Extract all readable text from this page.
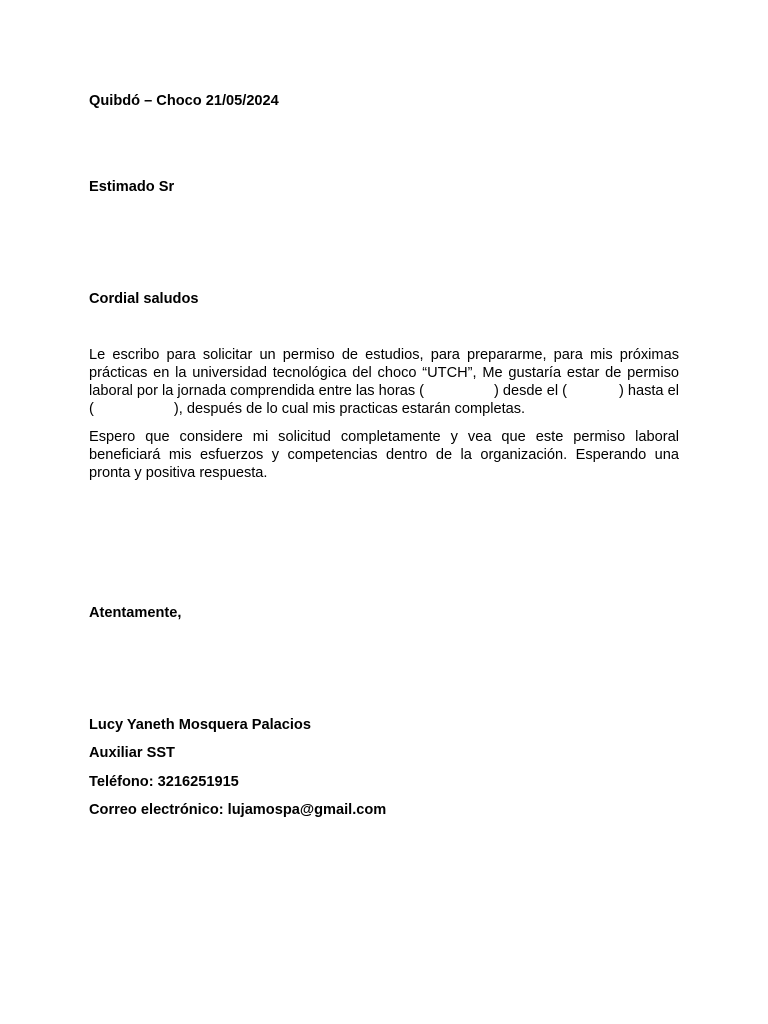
Quibdó – Choco 21/05/2024
Estimado Sr
Cordial saludos
Le escribo para solicitar un permiso de estudios, para prepararme, para mis próximas
prácticas en la universidad tecnológica del choco “UTCH”, Me gustaría estar de permiso
laboral por la jornada comprendida entre las horas (	) desde el (	) hasta el
(	), después de lo cual mis practicas estarán completas.
Espero que considere mi solicitud completamente y vea que este permiso laboral
beneficiará mis esfuerzos y competencias dentro de la organización. Esperando una
pronta y positiva respuesta.
Atentamente,
Lucy Yaneth Mosquera Palacios
Auxiliar SST
Teléfono: 3216251915
Correo electrónico: lujamospa@gmail.com
